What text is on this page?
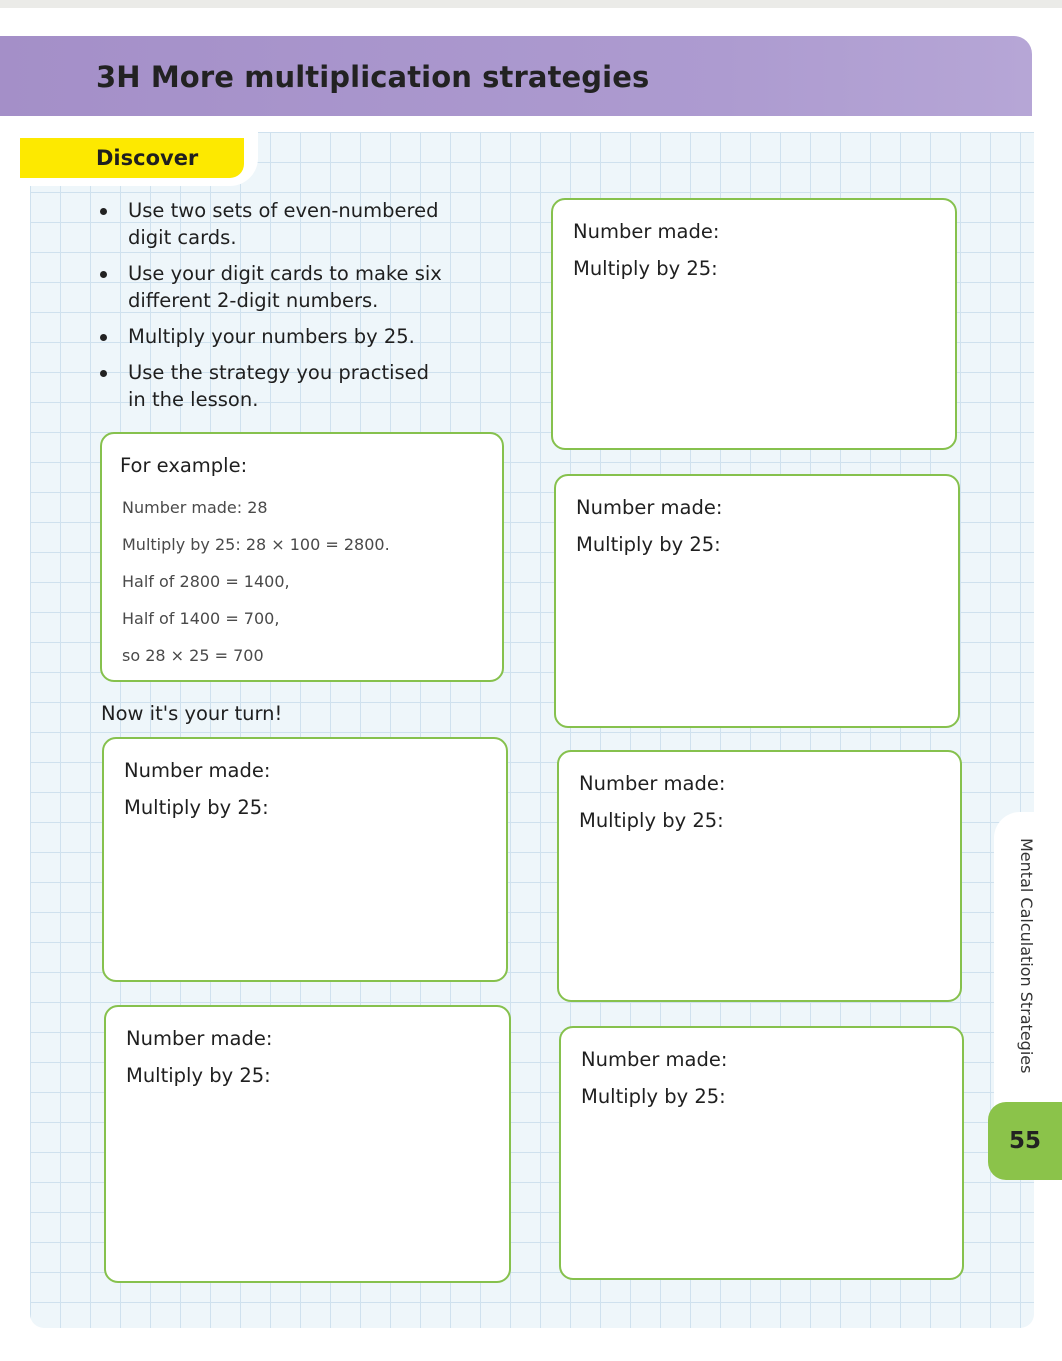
3H More multiplication strategies
Discover
Use two sets of even-numbered digit cards.
Use your digit cards to make six different 2-digit numbers.
Multiply your numbers by 25.
Use the strategy you practised in the lesson.
For example:
Number made: 28
Multiply by 25: 28 × 100 = 2800.
Half of 2800 = 1400,
Half of 1400 = 700,
so 28 × 25 = 700
Now it's your turn!
Number made:
Multiply by 25:
Number made:
Multiply by 25:
Number made:
Multiply by 25:
Number made:
Multiply by 25:
Number made:
Multiply by 25:
Number made:
Multiply by 25:
Mental Calculation Strategies
55
